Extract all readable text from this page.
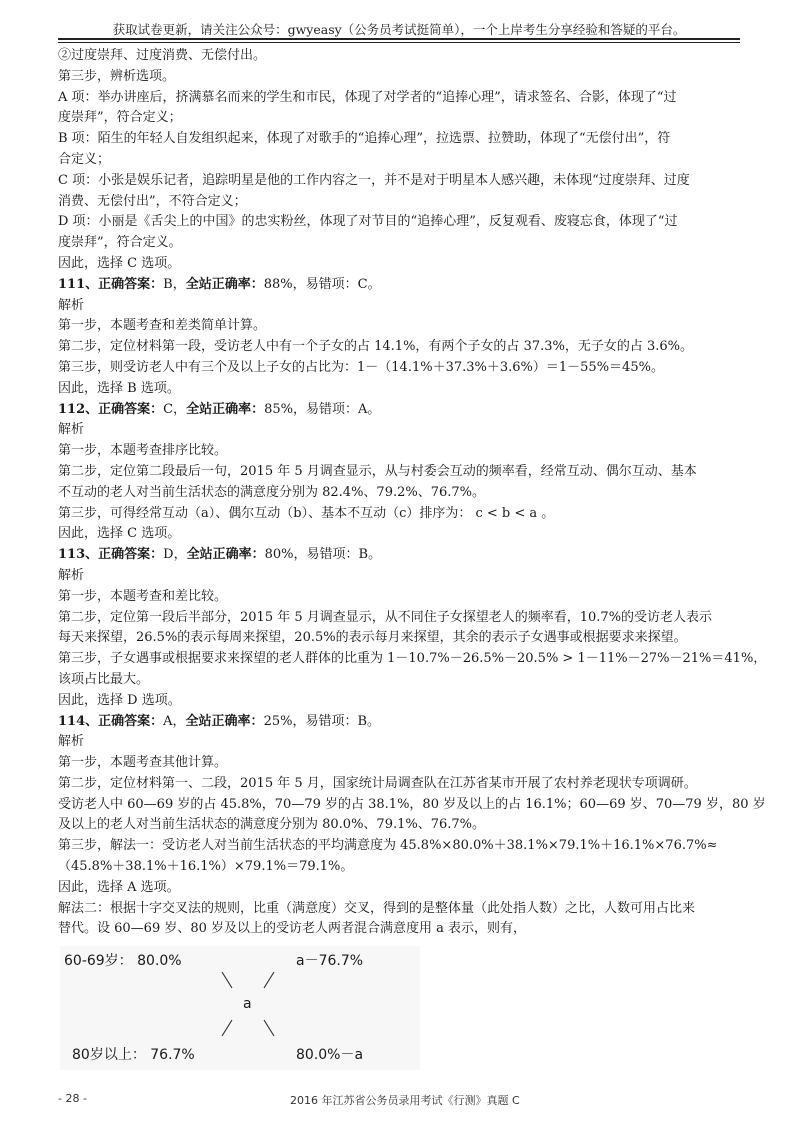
获取试卷更新，请关注公众号：gwyeasy（公务员考试挺简单），一个上岸考生分享经验和答疑的平台。
②过度崇拜、过度消费、无偿付出。
第三步，辨析选项。
A 项：举办讲座后，挤满慕名而来的学生和市民，体现了对学者的“追捧心理”，请求签名、合影，体现了“过
度崇拜”，符合定义；
B 项：陌生的年轻人自发组织起来，体现了对歌手的“追捧心理”，拉选票、拉赞助，体现了“无偿付出”，符
合定义；
C 项：小张是娱乐记者，追踪明星是他的工作内容之一，并不是对于明星本人感兴趣，未体现“过度崇拜、过度
消费、无偿付出”，不符合定义；
D 项：小丽是《舌尖上的中国》的忠实粉丝，体现了对节目的“追捧心理”，反复观看、废寝忘食，体现了“过
度崇拜”，符合定义。
因此，选择 C 选项。
111、正确答案：B，全站正确率：88%，易错项：C。
解析
第一步，本题考查和差类简单计算。
第二步，定位材料第一段，受访老人中有一个子女的占 14.1%，有两个子女的占 37.3%，无子女的占 3.6%。
第三步，则受访老人中有三个及以上子女的占比为：1－（14.1%＋37.3%＋3.6%）＝1－55%＝45%。
因此，选择 B 选项。
112、正确答案：C，全站正确率：85%，易错项：A。
解析
第一步，本题考查排序比较。
第二步，定位第二段最后一句，2015 年 5 月调查显示，从与村委会互动的频率看，经常互动、偶尔互动、基本
不互动的老人对当前生活状态的满意度分别为 82.4%、79.2%、76.7%。
第三步，可得经常互动（a）、偶尔互动（b）、基本不互动（c）排序为： c < b < a 。
因此，选择 C 选项。
113、正确答案：D，全站正确率：80%，易错项：B。
解析
第一步，本题考查和差比较。
第二步，定位第一段后半部分，2015 年 5 月调查显示，从不同住子女探望老人的频率看，10.7%的受访老人表示
每天来探望，26.5%的表示每周来探望，20.5%的表示每月来探望，其余的表示子女遇事或根据要求来探望。
第三步，子女遇事或根据要求来探望的老人群体的比重为 1－10.7%－26.5%－20.5% > 1－11%－27%－21%＝41%，
该项占比最大。
因此，选择 D 选项。
114、正确答案：A，全站正确率：25%，易错项：B。
解析
第一步，本题考查其他计算。
第二步，定位材料第一、二段，2015 年 5 月，国家统计局调查队在江苏省某市开展了农村养老现状专项调研。
受访老人中 60—69 岁的占 45.8%，70—79 岁的占 38.1%，80 岁及以上的占 16.1%；60—69 岁、70—79 岁，80 岁
及以上的老人对当前生活状态的满意度分别为 80.0%、79.1%、76.7%。
第三步，解法一：受访老人对当前生活状态的平均满意度为 45.8%×80.0%＋38.1%×79.1%＋16.1%×76.7%≈
（45.8%＋38.1%＋16.1%）×79.1%＝79.1%。
因此，选择 A 选项。
解法二：根据十字交叉法的规则，比重（满意度）交叉，得到的是整体量（此处指人数）之比，人数可用占比来
替代。设 60—69 岁、80 岁及以上的受访老人两者混合满意度用 a 表示，则有，
60-69岁： 80.0%	a－76.7%
a
80岁以上： 76.7%	80.0%－a
- 28 -	2016 年江苏省公务员录用考试《行测》真题 C
